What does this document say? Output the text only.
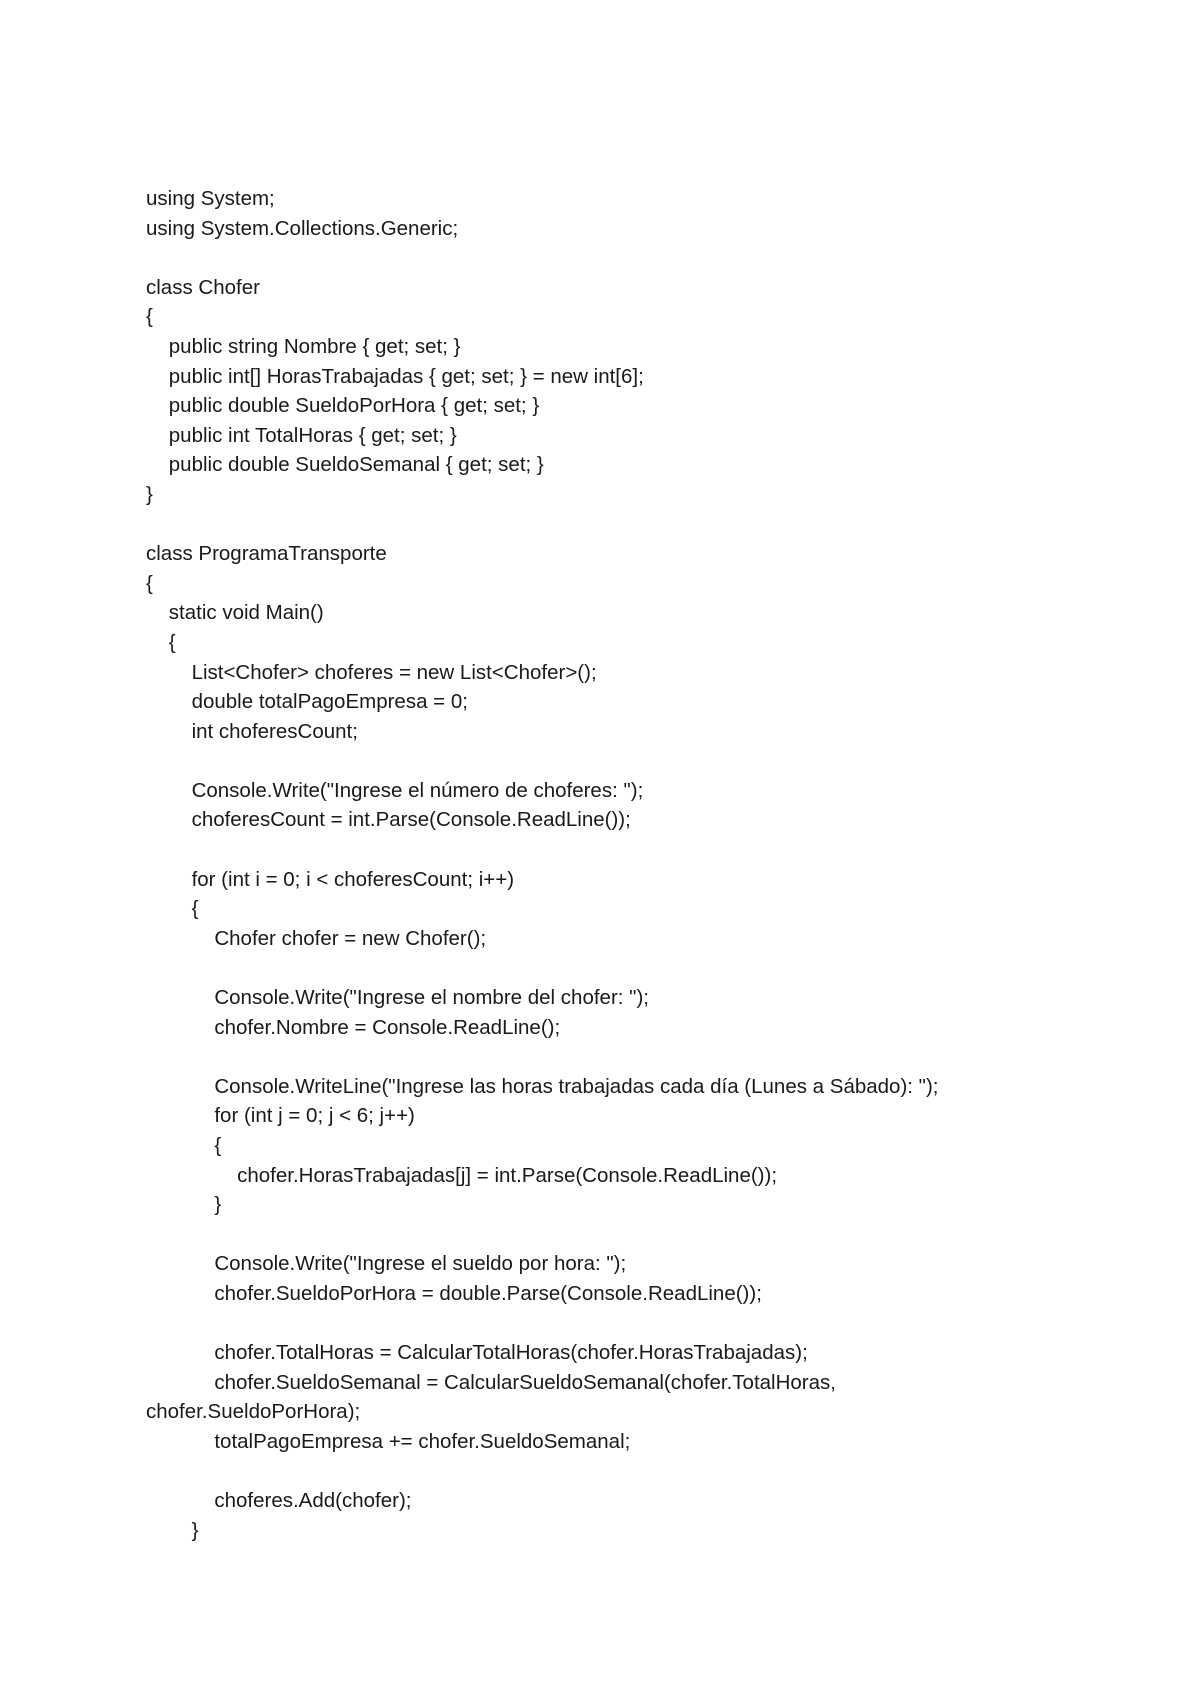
using System;
using System.Collections.Generic;
class Chofer
{
public string Nombre { get; set; }
public int[] HorasTrabajadas { get; set; } = new int[6];
public double SueldoPorHora { get; set; }
public int TotalHoras { get; set; }
public double SueldoSemanal { get; set; }
}
class ProgramaTransporte
{
static void Main()
{
List<Chofer> choferes = new List<Chofer>();
double totalPagoEmpresa = 0;
int choferesCount;
Console.Write("Ingrese el número de choferes: ");
choferesCount = int.Parse(Console.ReadLine());
for (int i = 0; i < choferesCount; i++)
{
Chofer chofer = new Chofer();
Console.Write("Ingrese el nombre del chofer: ");
chofer.Nombre = Console.ReadLine();
Console.WriteLine("Ingrese las horas trabajadas cada día (Lunes a Sábado): ");
for (int j = 0; j < 6; j++)
{
chofer.HorasTrabajadas[j] = int.Parse(Console.ReadLine());
}
Console.Write("Ingrese el sueldo por hora: ");
chofer.SueldoPorHora = double.Parse(Console.ReadLine());
chofer.TotalHoras = CalcularTotalHoras(chofer.HorasTrabajadas);
chofer.SueldoSemanal = CalcularSueldoSemanal(chofer.TotalHoras,
chofer.SueldoPorHora);
totalPagoEmpresa += chofer.SueldoSemanal;
choferes.Add(chofer);
}
